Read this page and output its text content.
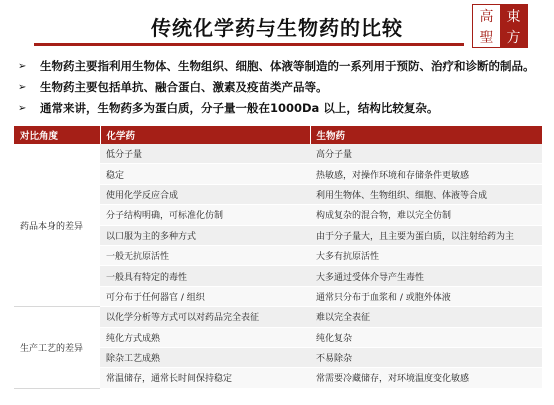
传统化学药与生物药的比较	高 東
聖 方
➢	生物药主要指利用生物体、生物组织、细胞、体液等制造的一系列用于预防、治疗和诊断的制品。
➢	生物药主要包括单抗、融合蛋白、激素及疫苗类产品等。
➢	通常来讲，生物药多为蛋白质，分子量一般在1000Da 以上，结构比较复杂。
对比角度	化学药	生物药
药品本身的差异	低分子量	高分子量
	稳定	热敏感，对操作环境和存储条件更敏感
	使用化学反应合成	利用生物体、生物组织、细胞、体液等合成
	分子结构明确，可标准化仿制	构成复杂的混合物，难以完全仿制
	以口服为主的多种方式	由于分子量大，且主要为蛋白质，以注射给药为主
	一般无抗原活性	大多有抗原活性
	一般具有特定的毒性	大多通过受体介导产生毒性
	可分布于任何器官 / 组织	通常只分布于血浆和 / 或胞外体液
生产工艺的差异	以化学分析等方式可以对药品完全表征	难以完全表征
	纯化方式成熟	纯化复杂
	除杂工艺成熟	不易除杂
	常温储存，通常长时间保持稳定	常需要冷藏储存，对环境温度变化敏感
